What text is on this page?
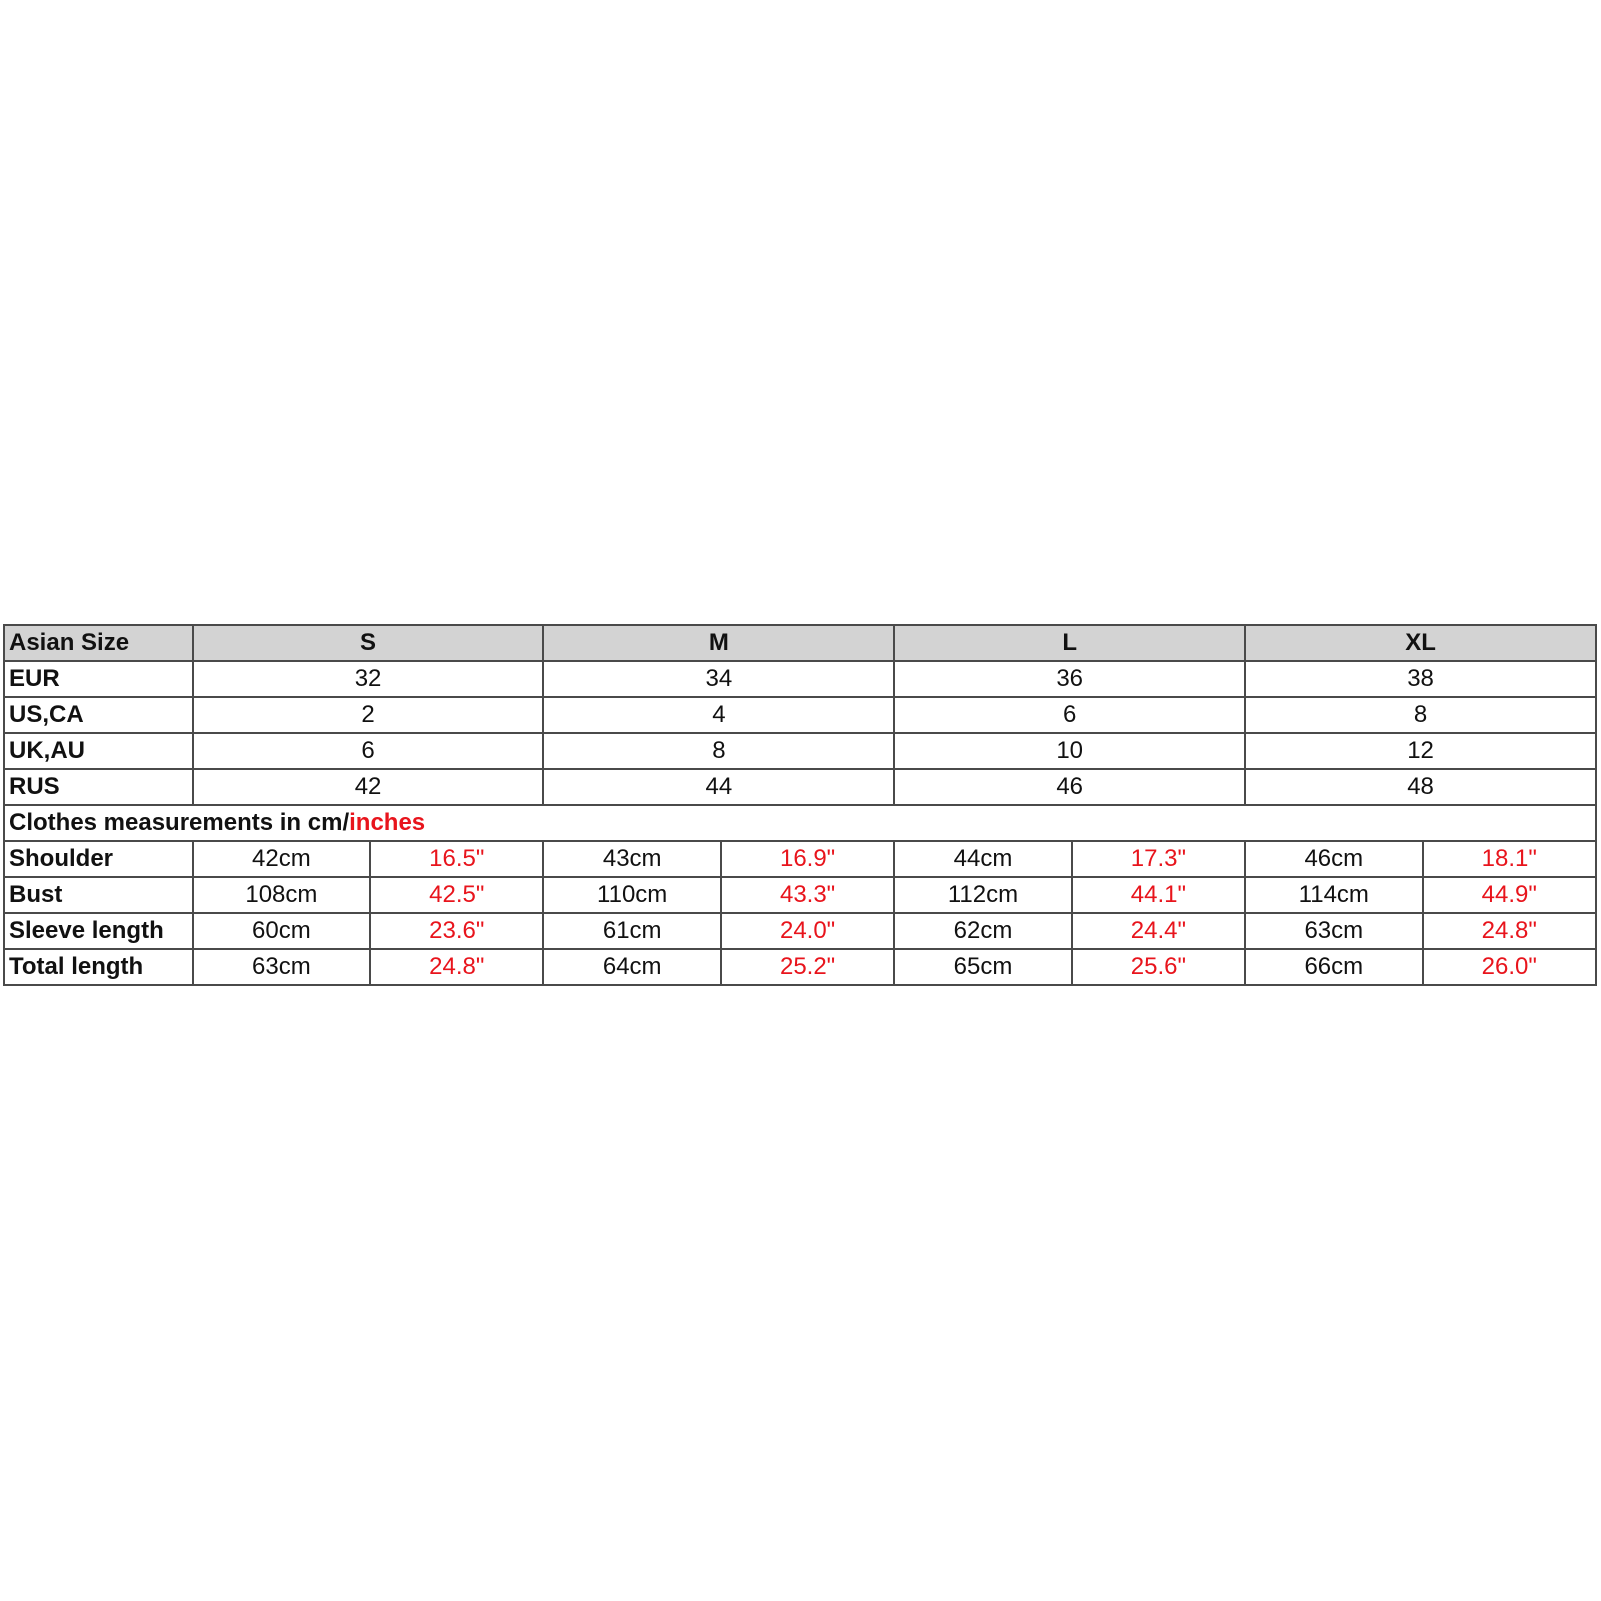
Asian Size	S		M		L		XL	
EUR	32		34		36		38	
US,CA	2		4		6		8	
UK,AU	6		8		10		12	
RUS	42		44		46		48	
Clothes measurements in cm/inches								
Shoulder	42cm	16.5"	43cm	16.9"	44cm	17.3"	46cm	18.1"
Bust	108cm	42.5"	110cm	43.3"	112cm	44.1"	114cm	44.9"
Sleeve length	60cm	23.6"	61cm	24.0"	62cm	24.4"	63cm	24.8"
Total length	63cm	24.8"	64cm	25.2"	65cm	25.6"	66cm	26.0"
